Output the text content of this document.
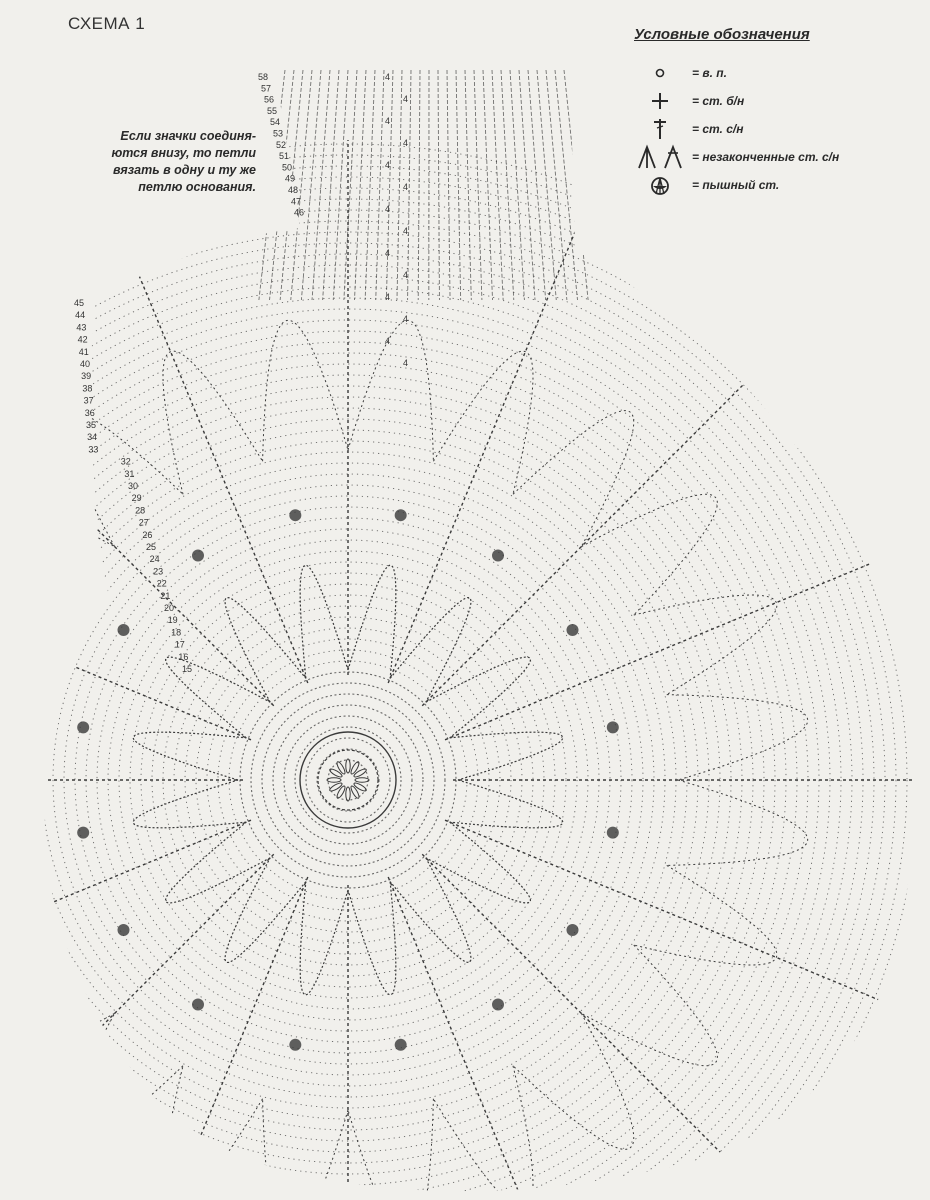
СХЕМА 1
Если значки соединя-
ются внизу, то петли
вязать в одну и ту же
петлю основания.
Условные обозначения
= в. п.
= ст. б/н
= ст. с/н
= незаконченные ст. с/н
= пышный ст.
58
57
56
55
54
53
52
51
50
49
48
47
46
45
44
43
42
41
40
39
38
37
36
35
34
33
32
31
30
29
28
27
26
25
24
23
22
21
20
19
18
17
16
15
4
4
4
4
4
4
4
4
4
4
4
4
4
4
